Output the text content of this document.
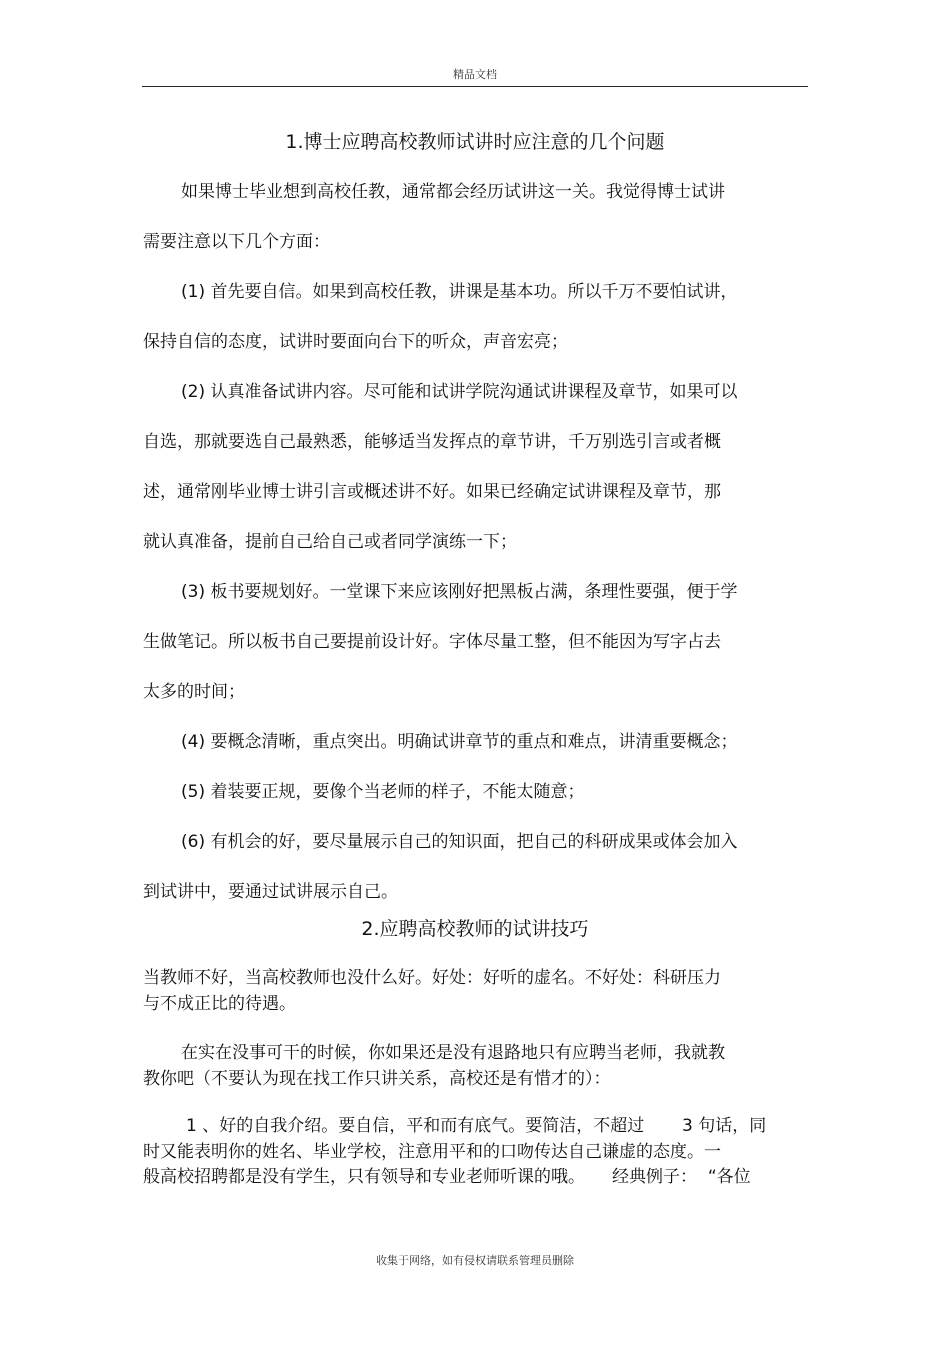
精品文档
1.博士应聘高校教师试讲时应注意的几个问题
如果博士毕业想到高校任教，通常都会经历试讲这一关。我觉得博士试讲
需要注意以下几个方面：
(1) 首先要自信。如果到高校任教，讲课是基本功。所以千万不要怕试讲，
保持自信的态度，试讲时要面向台下的听众，声音宏亮；
(2) 认真准备试讲内容。尽可能和试讲学院沟通试讲课程及章节，如果可以
自选，那就要选自己最熟悉，能够适当发挥点的章节讲，千万别选引言或者概
述，通常刚毕业博士讲引言或概述讲不好。如果已经确定试讲课程及章节，那
就认真准备，提前自己给自己或者同学演练一下；
(3) 板书要规划好。一堂课下来应该刚好把黑板占满，条理性要强，便于学
生做笔记。所以板书自己要提前设计好。字体尽量工整，但不能因为写字占去
太多的时间；
(4) 要概念清晰，重点突出。明确试讲章节的重点和难点，讲清重要概念；
(5) 着装要正规，要像个当老师的样子，不能太随意；
(6) 有机会的好，要尽量展示自己的知识面，把自己的科研成果或体会加入
到试讲中，要通过试讲展示自己。
2.应聘高校教师的试讲技巧
当教师不好，当高校教师也没什么好。好处：好听的虚名。不好处：科研压力
与不成正比的待遇。
在实在没事可干的时候，你如果还是没有退路地只有应聘当老师，我就教
教你吧（不要认为现在找工作只讲关系，高校还是有惜才的）：
1 、好的自我介绍。要自信，平和而有底气。要简洁，不超过       3 句话，同
时又能表明你的姓名、毕业学校，注意用平和的口吻传达自己谦虚的态度。一
般高校招聘都是没有学生，只有领导和专业老师听课的哦。     经典例子：  “各位
收集于网络，如有侵权请联系管理员删除
